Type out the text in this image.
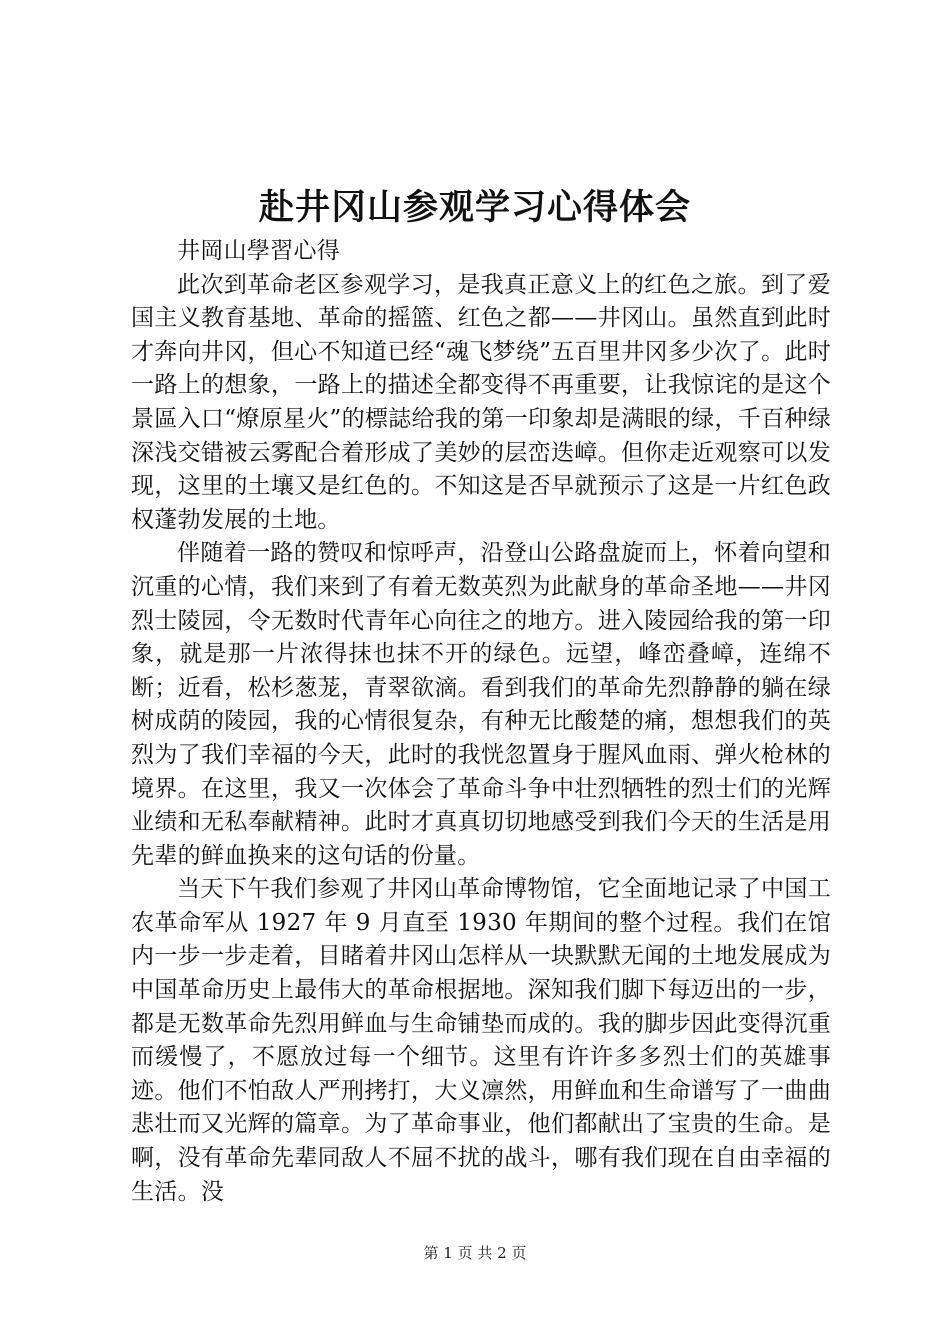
赴井冈山参观学习心得体会

井岡山學習心得

此次到革命老区参观学习，是我真正意义上的红色之旅。到了爱国主义教育基地、革命的摇篮、红色之都——井冈山。虽然直到此时才奔向井冈，但心不知道已经“魂飞梦绕”五百里井冈多少次了。此时一路上的想象，一路上的描述全都变得不再重要，让我惊诧的是这个景區入口“燎原星火”的標誌给我的第一印象却是满眼的绿，千百种绿深浅交错被云雾配合着形成了美妙的层峦迭嶂。但你走近观察可以发现，这里的土壤又是红色的。不知这是否早就预示了这是一片红色政权蓬勃发展的土地。

伴随着一路的赞叹和惊呼声，沿登山公路盘旋而上，怀着向望和沉重的心情，我们来到了有着无数英烈为此献身的革命圣地——井冈烈士陵园，令无数时代青年心向往之的地方。进入陵园给我的第一印象，就是那一片浓得抹也抹不开的绿色。远望，峰峦叠嶂，连绵不断；近看，松杉葱茏，青翠欲滴。看到我们的革命先烈静静的躺在绿树成荫的陵园，我的心情很复杂，有种无比酸楚的痛，想想我们的英烈为了我们幸福的今天，此时的我恍忽置身于腥风血雨、弹火枪林的境界。在这里，我又一次体会了革命斗争中壮烈牺牲的烈士们的光辉业绩和无私奉献精神。此时才真真切切地感受到我们今天的生活是用先辈的鲜血换来的这句话的份量。

当天下午我们参观了井冈山革命博物馆，它全面地记录了中国工农革命军从 1927 年 9 月直至 1930 年期间的整个过程。我们在馆内一步一步走着，目睹着井冈山怎样从一块默默无闻的土地发展成为中国革命历史上最伟大的革命根据地。深知我们脚下每迈出的一步，都是无数革命先烈用鲜血与生命铺垫而成的。我的脚步因此变得沉重而缓慢了，不愿放过每一个细节。这里有许许多多烈士们的英雄事迹。他们不怕敌人严刑拷打，大义凛然，用鲜血和生命谱写了一曲曲悲壮而又光辉的篇章。为了革命事业，他们都献出了宝贵的生命。是啊，没有革命先辈同敌人不屈不扰的战斗，哪有我们现在自由幸福的生活。没

第 1 页 共 2 页
